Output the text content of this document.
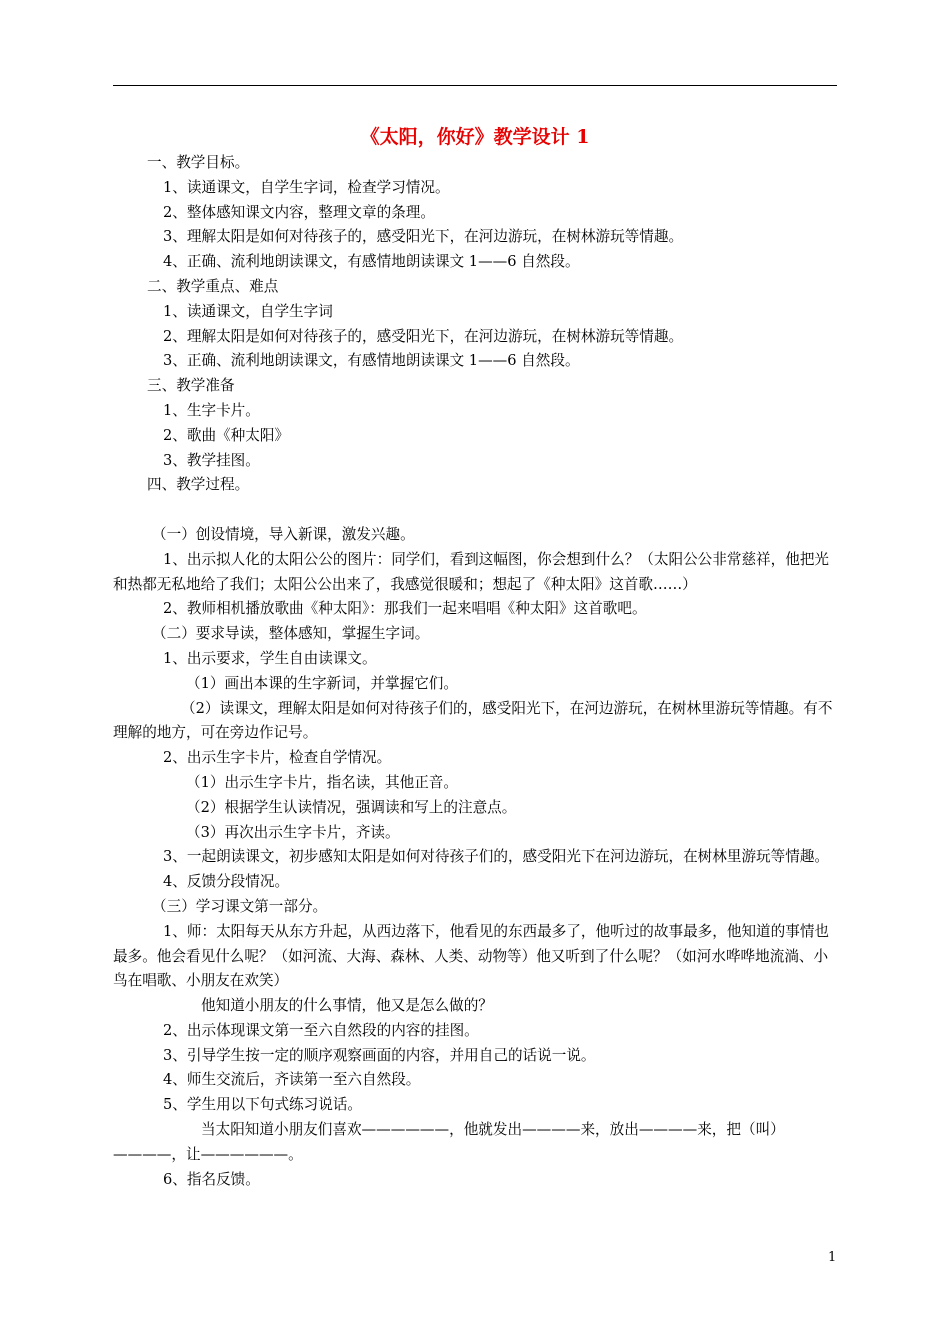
《太阳，你好》教学设计 1

一、教学目标。

1、读通课文，自学生字词，检查学习情况。

2、整体感知课文内容，整理文章的条理。

3、理解太阳是如何对待孩子的，感受阳光下，在河边游玩，在树林游玩等情趣。

4、正确、流利地朗读课文，有感情地朗读课文 1——6 自然段。

二、教学重点、难点

1、读通课文，自学生字词

2、理解太阳是如何对待孩子的，感受阳光下，在河边游玩，在树林游玩等情趣。

3、正确、流利地朗读课文，有感情地朗读课文 1——6 自然段。

三、教学准备

1、生字卡片。

2、歌曲《种太阳》

3、教学挂图。

四、教学过程。

（一）创设情境，导入新课，激发兴趣。

1、出示拟人化的太阳公公的图片：同学们，看到这幅图，你会想到什么？（太阳公公非常慈祥，他把光和热都无私地给了我们；太阳公公出来了，我感觉很暖和；想起了《种太阳》这首歌……）

2、教师相机播放歌曲《种太阳》：那我们一起来唱唱《种太阳》这首歌吧。

（二）要求导读，整体感知，掌握生字词。

1、出示要求，学生自由读课文。

（1）画出本课的生字新词，并掌握它们。

（2）读课文，理解太阳是如何对待孩子们的，感受阳光下，在河边游玩，在树林里游玩等情趣。有不理解的地方，可在旁边作记号。

2、出示生字卡片，检查自学情况。

（1）出示生字卡片，指名读，其他正音。

（2）根据学生认读情况，强调读和写上的注意点。

（3）再次出示生字卡片，齐读。

3、一起朗读课文，初步感知太阳是如何对待孩子们的，感受阳光下在河边游玩，在树林里游玩等情趣。

4、反馈分段情况。

（三）学习课文第一部分。

1、师：太阳每天从东方升起，从西边落下，他看见的东西最多了，他听过的故事最多，他知道的事情也最多。他会看见什么呢？（如河流、大海、森林、人类、动物等）他又听到了什么呢？（如河水哗哗地流淌、小鸟在唱歌、小朋友在欢笑）

他知道小朋友的什么事情，他又是怎么做的？

2、出示体现课文第一至六自然段的内容的挂图。

3、引导学生按一定的顺序观察画面的内容，并用自己的话说一说。

4、师生交流后，齐读第一至六自然段。

5、学生用以下句式练习说话。

当太阳知道小朋友们喜欢——————，他就发出————来，放出————来，把（叫）————，让——————。

6、指名反馈。

1
